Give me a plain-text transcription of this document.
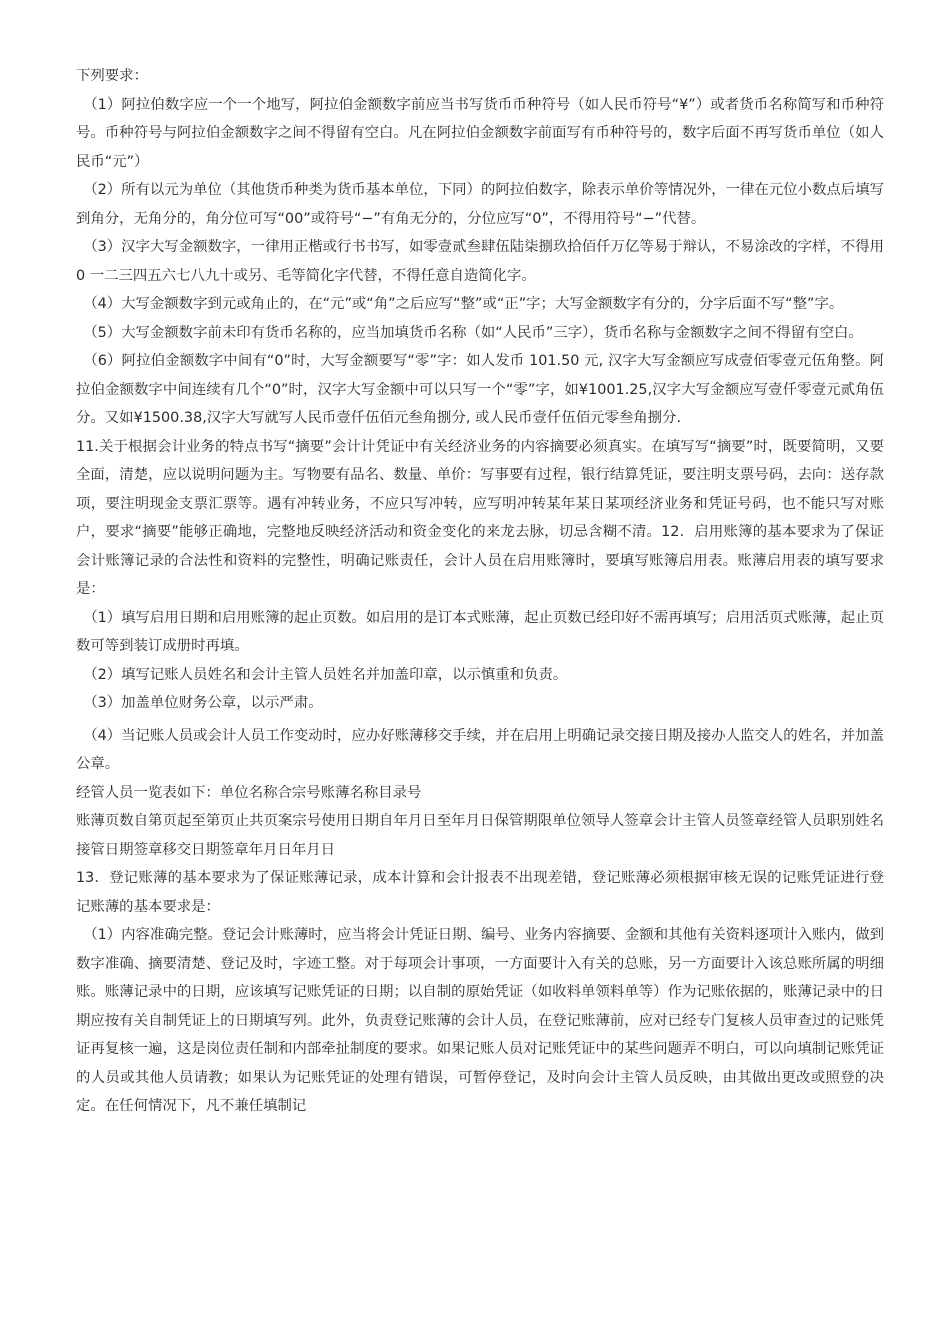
下列要求：

（1）阿拉伯数字应一个一个地写，阿拉伯金额数字前应当书写货币币种符号（如人民币符号“¥”）或者货币名称简写和币种符号。币种符号与阿拉伯金额数字之间不得留有空白。凡在阿拉伯金额数字前面写有币种符号的，数字后面不再写货币单位（如人民币“元”）

（2）所有以元为单位（其他货币种类为货币基本单位，下同）的阿拉伯数字，除表示单价等情况外，一律在元位小数点后填写到角分，无角分的，角分位可写“00”或符号“−”有角无分的，分位应写“0”，不得用符号“−”代替。

（3）汉字大写金额数字，一律用正楷或行书书写，如零壹贰叁肆伍陆柒捌玖拾佰仟万亿等易于辩认，不易涂改的字样，不得用 0 一二三四五六七八九十或另、毛等简化字代替，不得任意自造简化字。

（4）大写金额数字到元或角止的，在“元”或“角”之后应写“整”或“正”字；大写金额数字有分的，分字后面不写“整”字。

（5）大写金额数字前未印有货币名称的，应当加填货币名称（如“人民币”三字），货币名称与金额数字之间不得留有空白。

（6）阿拉伯金额数字中间有“0”时，大写金额要写“零”字：如人发币 101.50 元, 汉字大写金额应写成壹佰零壹元伍角整。阿拉伯金额数字中间连续有几个“0”时，汉字大写金额中可以只写一个“零”字，如¥1001.25,汉字大写金额应写壹仟零壹元贰角伍分。又如¥1500.38,汉字大写就写人民币壹仟伍佰元叁角捌分, 或人民币壹仟伍佰元零叁角捌分.

11.关于根据会计业务的特点书写“摘要”会计计凭证中有关经济业务的内容摘要必须真实。在填写写“摘要”时，既要简明，又要全面，清楚，应以说明问题为主。写物要有品名、数量、单价：写事要有过程，银行结算凭证，要注明支票号码，去向：送存款项，要注明现金支票汇票等。遇有冲转业务，不应只写冲转，应写明冲转某年某日某项经济业务和凭证号码，也不能只写对账户，要求“摘要”能够正确地，完整地反映经济活动和资金变化的来龙去脉，切忌含糊不清。12．启用账簿的基本要求为了保证会计账簿记录的合法性和资料的完整性，明确记账责任，会计人员在启用账簿时，要填写账簿启用表。账薄启用表的填写要求是：

（1）填写启用日期和启用账簿的起止页数。如启用的是订本式账薄，起止页数已经印好不需再填写；启用活页式账薄，起止页数可等到装订成册时再填。

（2）填写记账人员姓名和会计主管人员姓名并加盖印章，以示慎重和负责。

（3）加盖单位财务公章，以示严肃。

（4）当记账人员或会计人员工作变动时，应办好账薄移交手续，并在启用上明确记录交接日期及接办人监交人的姓名，并加盖公章。

经管人员一览表如下：单位名称合宗号账薄名称目录号

账薄页数自第页起至第页止共页案宗号使用日期自年月日至年月日保管期限单位领导人签章会计主管人员签章经管人员职别姓名接管日期签章移交日期签章年月日年月日

13．登记账薄的基本要求为了保证账薄记录，成本计算和会计报表不出现差错，登记账薄必须根据审核无误的记账凭证进行登记账薄的基本要求是：

（1）内容准确完整。登记会计账薄时，应当将会计凭证日期、编号、业务内容摘要、金额和其他有关资料逐项计入账内，做到数字准确、摘要清楚、登记及时，字迹工整。对于每项会计事项，一方面要计入有关的总账，另一方面要计入该总账所属的明细账。账薄记录中的日期，应该填写记账凭证的日期；以自制的原始凭证（如收料单领料单等）作为记账依据的，账薄记录中的日期应按有关自制凭证上的日期填写列。此外，负责登记账薄的会计人员，在登记账薄前，应对已经专门复核人员审查过的记账凭证再复核一遍，这是岗位责任制和内部牵扯制度的要求。如果记账人员对记账凭证中的某些问题弄不明白，可以向填制记账凭证的人员或其他人员请教；如果认为记账凭证的处理有错误，可暂停登记，及时向会计主管人员反映，由其做出更改或照登的决定。在任何情况下，凡不兼任填制记
